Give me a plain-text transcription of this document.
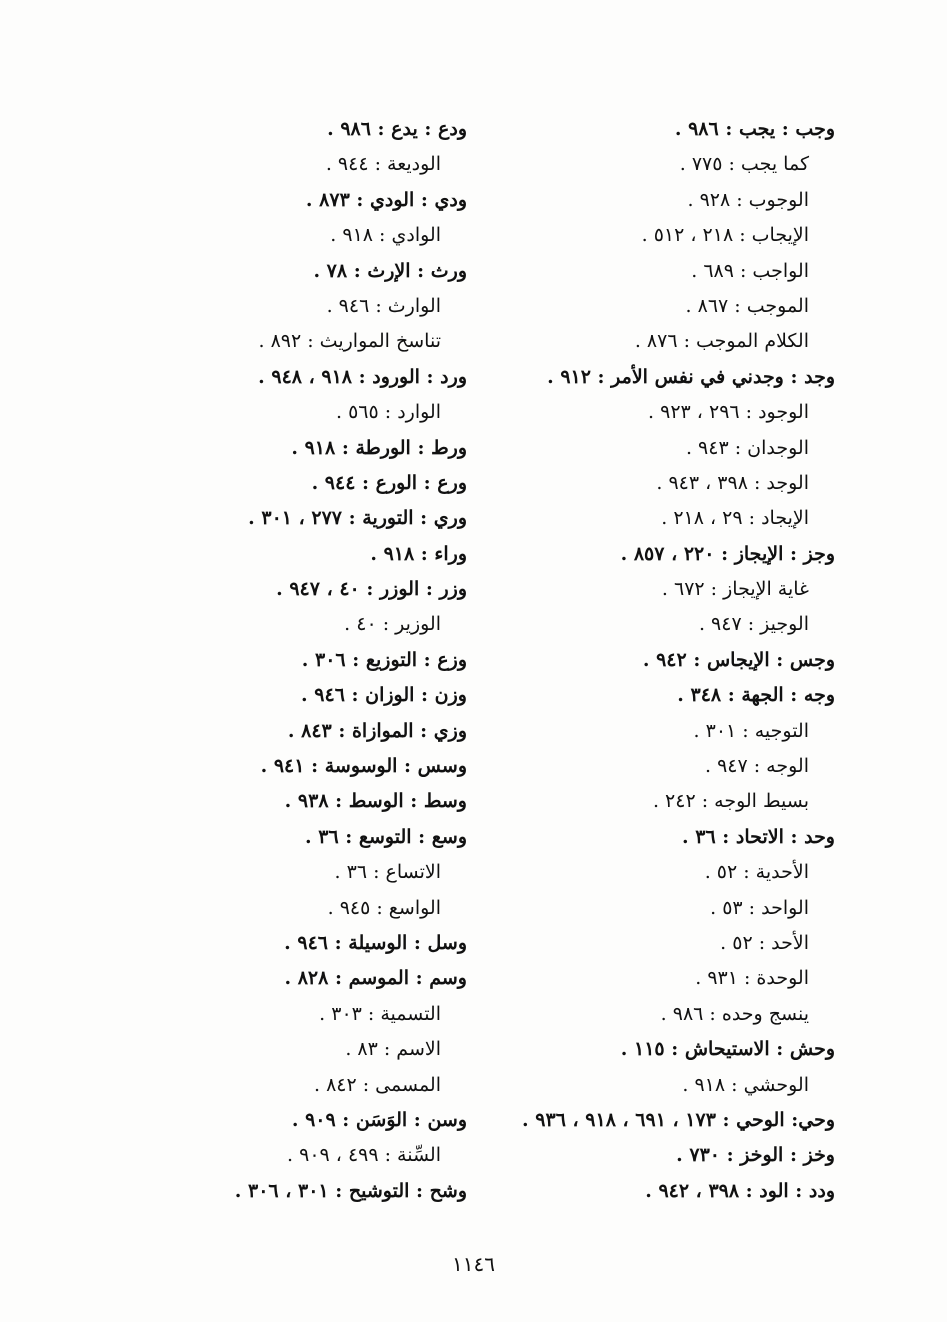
وجب : يجب : ٩٨٦ .
كما يجب : ٧٧٥ .
الوجوب : ٩٢٨ .
الإيجاب : ٢١٨ ، ٥١٢ .
الواجب : ٦٨٩ .
الموجب : ٨٦٧ .
الكلام الموجب : ٨٧٦ .
وجد : وجدني في نفس الأمر : ٩١٢ .
الوجود : ٢٩٦ ، ٩٢٣ .
الوجدان : ٩٤٣ .
الوجد : ٣٩٨ ، ٩٤٣ .
الإيجاد : ٢٩ ، ٢١٨ .
وجز : الإيجاز : ٢٢٠ ، ٨٥٧ .
غاية الإيجاز : ٦٧٢ .
الوجيز : ٩٤٧ .
وجس : الإيجاس : ٩٤٢ .
وجه : الجهة : ٣٤٨ .
التوجيه : ٣٠١ .
الوجه : ٩٤٧ .
بسيط الوجه : ٢٤٢ .
وحد : الاتحاد : ٣٦ .
الأحدية : ٥٢ .
الواحد : ٥٣ .
الأحد : ٥٢ .
الوحدة : ٩٣١ .
ينسج وحده : ٩٨٦ .
وحش : الاستيحاش : ١١٥ .
الوحشي : ٩١٨ .
وحي: الوحي : ١٧٣ ، ٦٩١ ، ٩١٨ ، ٩٣٦ .
وخز : الوخز : ٧٣٠ .
ودد : الود : ٣٩٨ ، ٩٤٢ .
ودع : يدع : ٩٨٦ .
الوديعة : ٩٤٤ .
ودي : الودي : ٨٧٣ .
الوادي : ٩١٨ .
ورث : الإرث : ٧٨ .
الوارث : ٩٤٦ .
تناسخ المواريث : ٨٩٢ .
ورد : الورود : ٩١٨ ، ٩٤٨ .
الوارد : ٥٦٥ .
ورط : الورطة : ٩١٨ .
ورع : الورع : ٩٤٤ .
وري : التورية : ٢٧٧ ، ٣٠١ .
وراء : ٩١٨ .
وزر : الوزر : ٤٠ ، ٩٤٧ .
الوزير : ٤٠ .
وزع : التوزيع : ٣٠٦ .
وزن : الوزان : ٩٤٦ .
وزي : الموازاة : ٨٤٣ .
وسس : الوسوسة : ٩٤١ .
وسط : الوسط : ٩٣٨ .
وسع : التوسع : ٣٦ .
الاتساع : ٣٦ .
الواسع : ٩٤٥ .
وسل : الوسيلة : ٩٤٦ .
وسم : الموسم : ٨٢٨ .
التسمية : ٣٠٣ .
الاسم : ٨٣ .
المسمى : ٨٤٢ .
وسن : الوَسَن : ٩٠٩ .
السِّنة : ٤٩٩ ، ٩٠٩ .
وشح : التوشيح : ٣٠١ ، ٣٠٦ .
١١٤٦
